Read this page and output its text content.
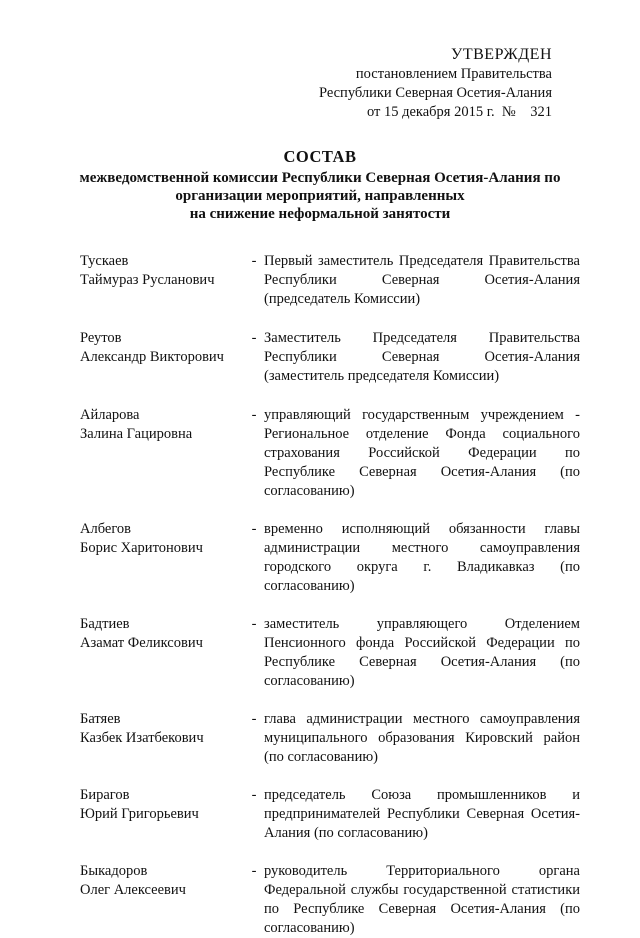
УТВЕРЖДЕН
постановлением Правительства
Республики Северная Осетия-Алания
от 15 декабря 2015 г.  №    321
СОСТАВ
межведомственной комиссии Республики Северная Осетия-Алания по
организации мероприятий, направленных
на снижение неформальной занятости
Тускаев
Таймураз Русланович
- Первый заместитель Председателя Правительства Республики Северная Осетия-Алания (председатель Комиссии)
Реутов
Александр Викторович
- Заместитель Председателя Правительства Республики Северная Осетия-Алания (заместитель председателя Комиссии)
Айларова
Залина Гацировна
- управляющий государственным учреждением - Региональное отделение Фонда социального страхования Российской Федерации по Республике Северная Осетия-Алания (по согласованию)
Албегов
Борис Харитонович
- временно исполняющий обязанности главы администрации местного самоуправления городского округа г. Владикавказ (по согласованию)
Бадтиев
Азамат Феликсович
- заместитель управляющего Отделением Пенсионного фонда Российской Федерации по Республике Северная Осетия-Алания (по согласованию)
Батяев
Казбек Изатбекович
- глава администрации местного самоуправления муниципального образования Кировский район (по согласованию)
Бирагов
Юрий Григорьевич
- председатель Союза промышленников и предпринимателей Республики Северная Осетия-Алания (по согласованию)
Быкадоров
Олег Алексеевич
- руководитель Территориального органа Федеральной службы государственной статистики по Республике Северная Осетия-Алания (по согласованию)
